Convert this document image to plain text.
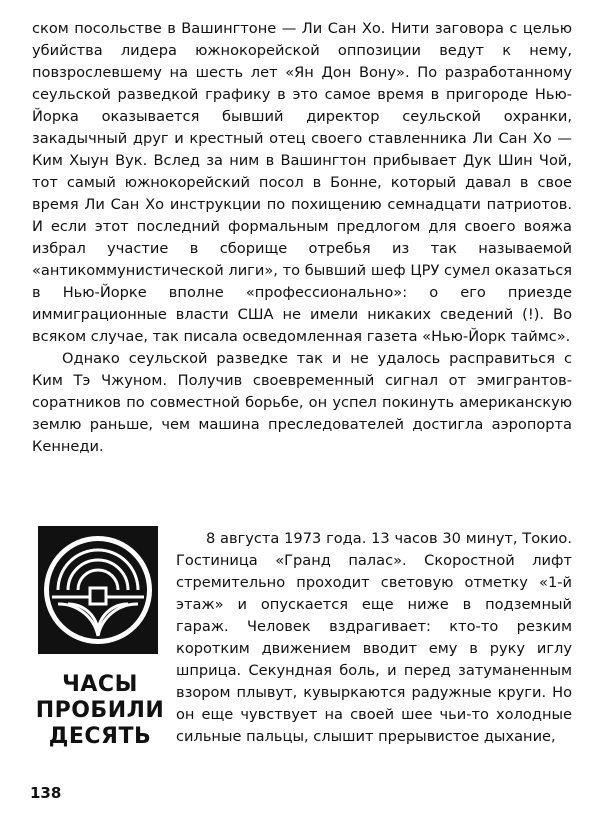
ском посольстве в Вашингтоне — Ли Сан Хо. Нити заговора с целью убийства лидера южнокорейской оппозиции ведут к нему, повзрослевшему на шесть лет «Ян Дон Вону». По разработанному сеульской разведкой графику в это самое время в пригороде Нью-Йорка оказывается бывший директор сеульской охранки, закадычный друг и крестный отец своего ставленника Ли Сан Хо — Ким Хыун Вук. Вслед за ним в Вашингтон прибывает Дук Шин Чой, тот самый южнокорейский посол в Бонне, который давал в свое время Ли Сан Хо инструкции по похищению семнадцати патриотов. И если этот последний формальным предлогом для своего вояжа избрал участие в сборище отребья из так называемой «антикоммунистической лиги», то бывший шеф ЦРУ сумел оказаться в Нью-Йорке вполне «профессионально»: о его приезде иммиграционные власти США не имели никаких сведений (!). Во всяком случае, так писала осведомленная газета «Нью-Йорк таймс».

Однако сеульской разведке так и не удалось расправиться с Ким Тэ Чжуном. Получив своевременный сигнал от эмигрантов-соратников по совместной борьбе, он успел покинуть американскую землю раньше, чем машина преследователей достигла аэропорта Кеннеди.

ЧАСЫ
ПРОБИЛИ
ДЕСЯТЬ

8 августа 1973 года. 13 часов 30 минут, Токио. Гостиница «Гранд палас». Скоростной лифт стремительно проходит световую отметку «1-й этаж» и опускается еще ниже в подземный гараж. Человек вздрагивает: кто-то резким коротким движением вводит ему в руку иглу шприца. Секундная боль, и перед затуманенным взором плывут, кувыркаются радужные круги. Но он еще чувствует на своей шее чьи-то холодные сильные пальцы, слышит прерывистое дыхание,

138
